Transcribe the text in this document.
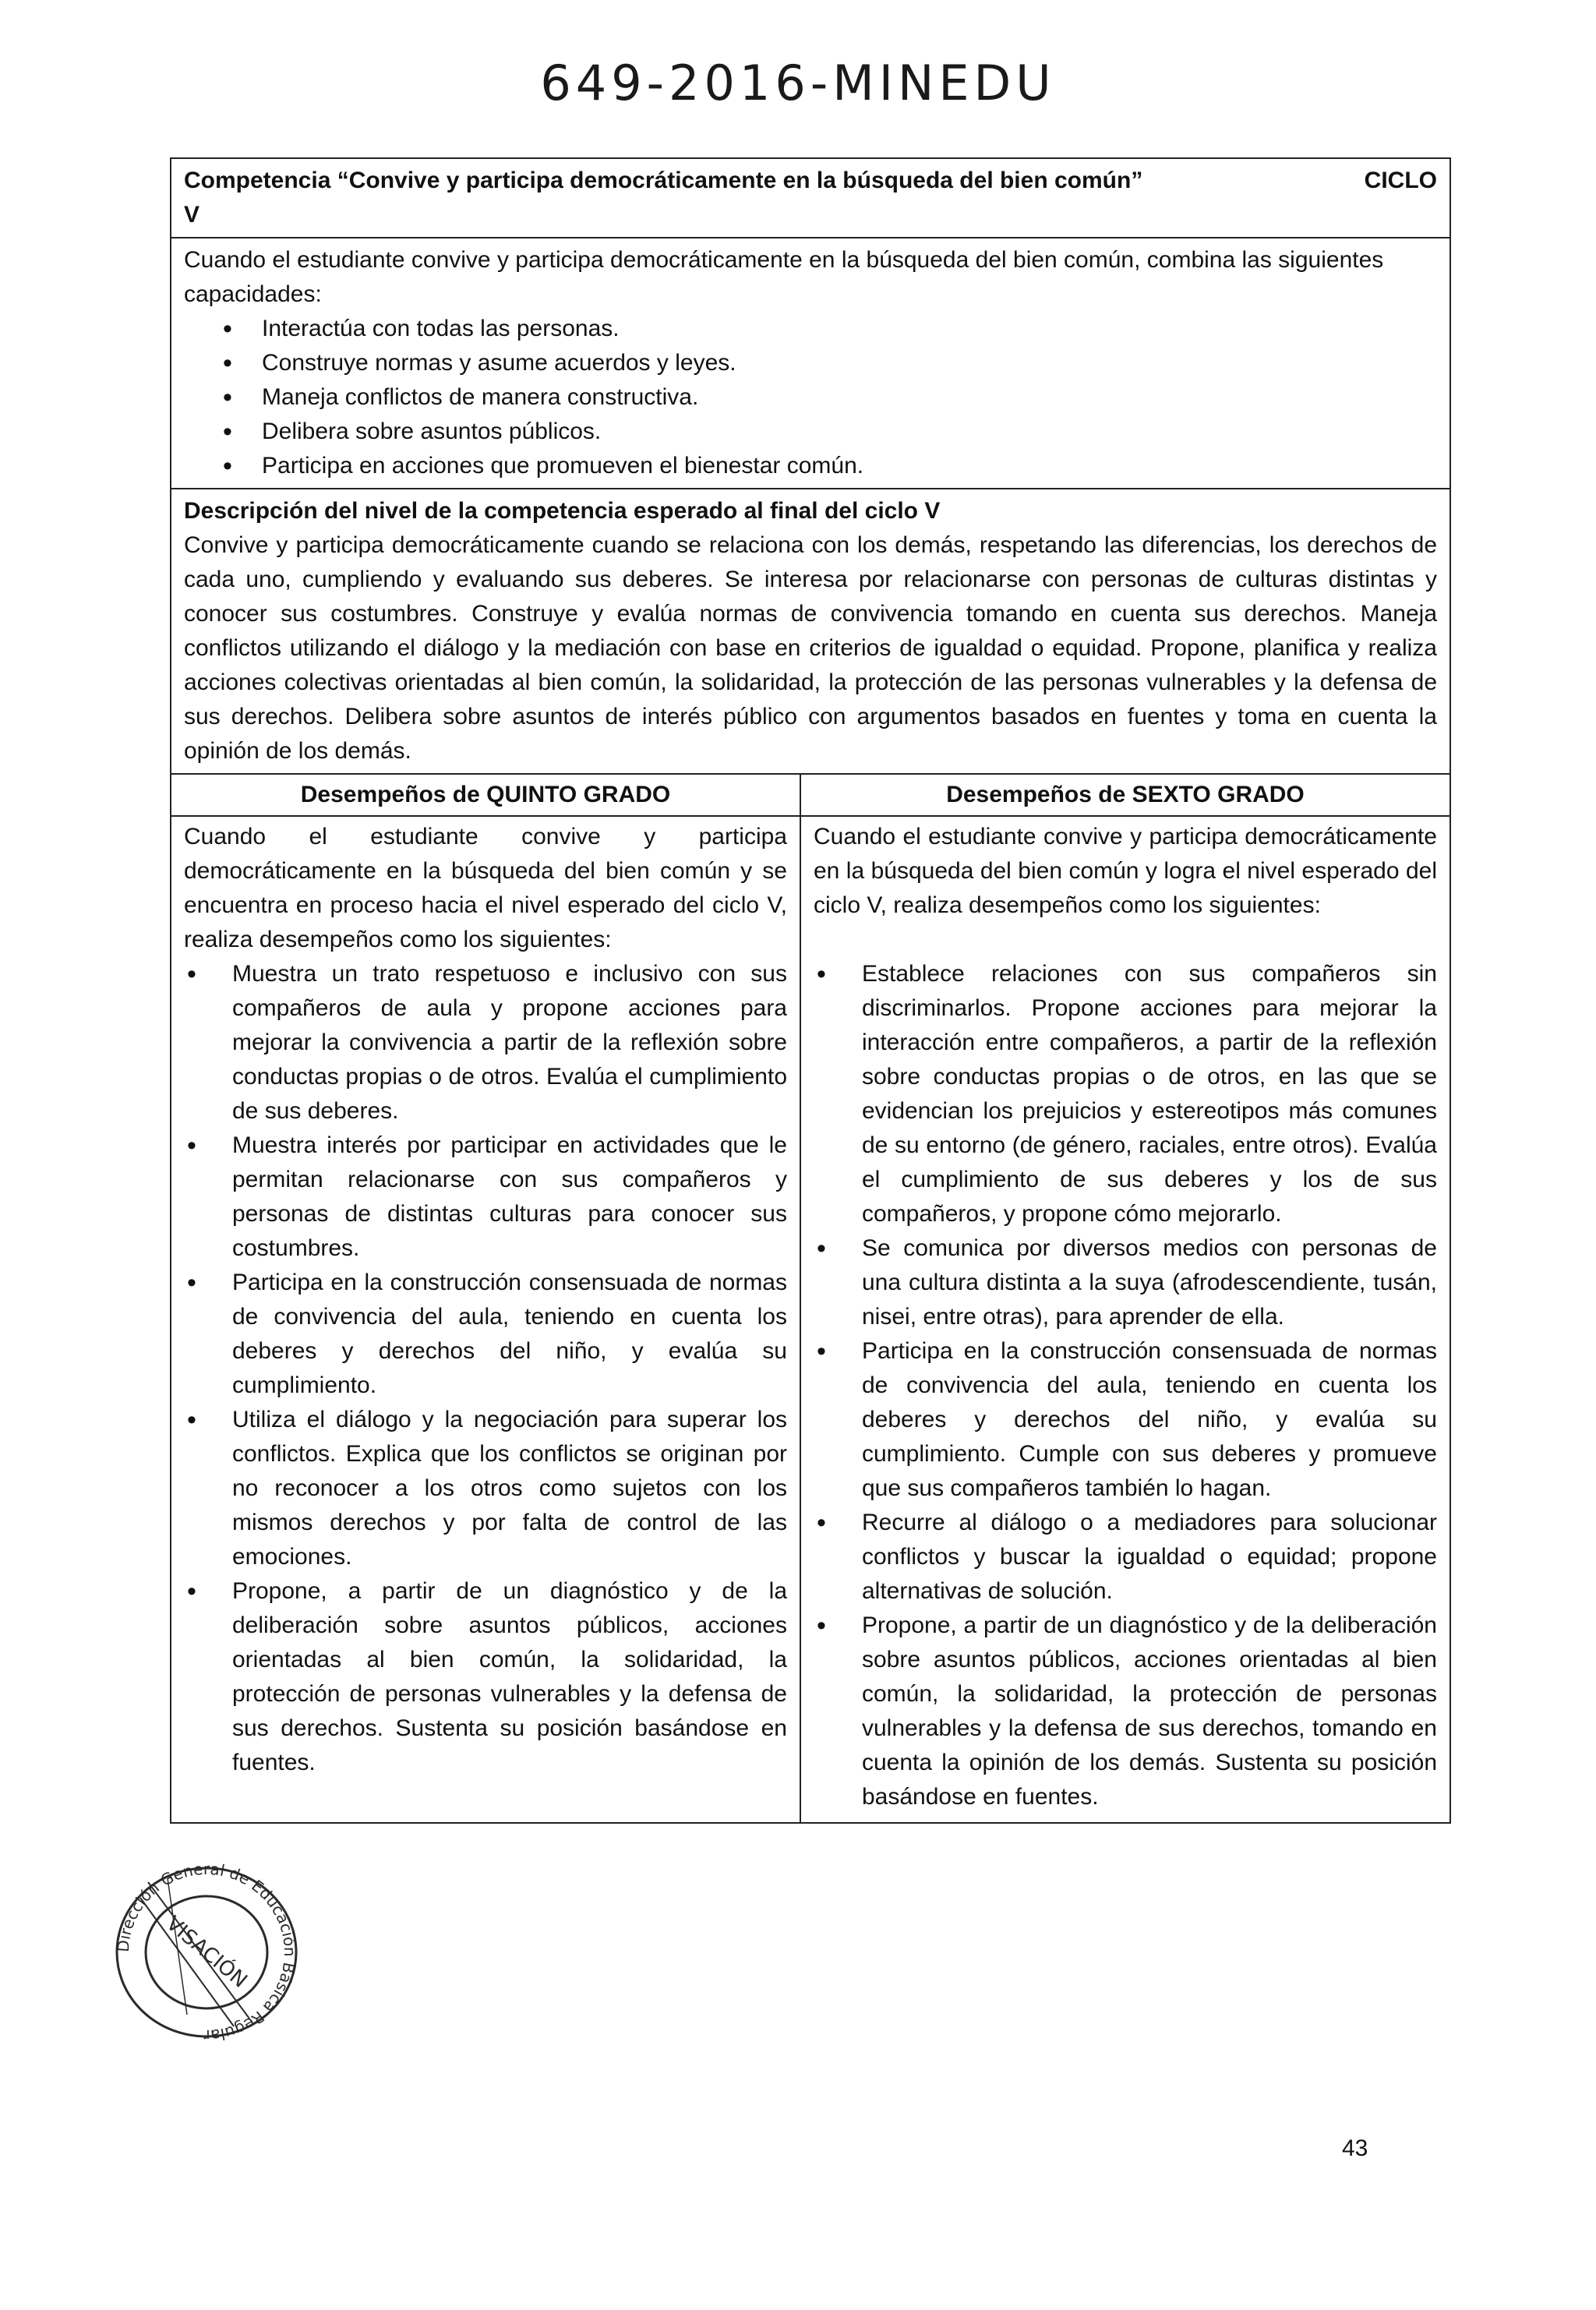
649-2016-MINEDU
Competencia “Convive y participa democráticamente en la búsqueda del bien común”	CICLO
V
Cuando el estudiante convive y participa democráticamente en la búsqueda del bien común, combina las siguientes capacidades:
• Interactúa con todas las personas.
• Construye normas y asume acuerdos y leyes.
• Maneja conflictos de manera constructiva.
• Delibera sobre asuntos públicos.
• Participa en acciones que promueven el bienestar común.
Descripción del nivel de la competencia esperado al final del ciclo V
Convive y participa democráticamente cuando se relaciona con los demás, respetando las diferencias, los derechos de cada uno, cumpliendo y evaluando sus deberes. Se interesa por relacionarse con personas de culturas distintas y conocer sus costumbres. Construye y evalúa normas de convivencia tomando en cuenta sus derechos. Maneja conflictos utilizando el diálogo y la mediación con base en criterios de igualdad o equidad. Propone, planifica y realiza acciones colectivas orientadas al bien común, la solidaridad, la protección de las personas vulnerables y la defensa de sus derechos. Delibera sobre asuntos de interés público con argumentos basados en fuentes y toma en cuenta la opinión de los demás.
Desempeños de QUINTO GRADO	Desempeños de SEXTO GRADO
Cuando el estudiante convive y participa democráticamente en la búsqueda del bien común y se encuentra en proceso hacia el nivel esperado del ciclo V, realiza desempeños como los siguientes:
• Muestra un trato respetuoso e inclusivo con sus compañeros de aula y propone acciones para mejorar la convivencia a partir de la reflexión sobre conductas propias o de otros. Evalúa el cumplimiento de sus deberes.
• Muestra interés por participar en actividades que le permitan relacionarse con sus compañeros y personas de distintas culturas para conocer sus costumbres.
• Participa en la construcción consensuada de normas de convivencia del aula, teniendo en cuenta los deberes y derechos del niño, y evalúa su cumplimiento.
• Utiliza el diálogo y la negociación para superar los conflictos. Explica que los conflictos se originan por no reconocer a los otros como sujetos con los mismos derechos y por falta de control de las emociones.
• Propone, a partir de un diagnóstico y de la deliberación sobre asuntos públicos, acciones orientadas al bien común, la solidaridad, la protección de personas vulnerables y la defensa de sus derechos. Sustenta su posición basándose en fuentes.
Cuando el estudiante convive y participa democráticamente en la búsqueda del bien común y logra el nivel esperado del ciclo V, realiza desempeños como los siguientes:
• Establece relaciones con sus compañeros sin discriminarlos. Propone acciones para mejorar la interacción entre compañeros, a partir de la reflexión sobre conductas propias o de otros, en las que se evidencian los prejuicios y estereotipos más comunes de su entorno (de género, raciales, entre otros). Evalúa el cumplimiento de sus deberes y los de sus compañeros, y propone cómo mejorarlo.
• Se comunica por diversos medios con personas de una cultura distinta a la suya (afrodescendiente, tusán, nisei, entre otras), para aprender de ella.
• Participa en la construcción consensuada de normas de convivencia del aula, teniendo en cuenta los deberes y derechos del niño, y evalúa su cumplimiento. Cumple con sus deberes y promueve que sus compañeros también lo hagan.
• Recurre al diálogo o a mediadores para solucionar conflictos y buscar la igualdad o equidad; propone alternativas de solución.
• Propone, a partir de un diagnóstico y de la deliberación sobre asuntos públicos, acciones orientadas al bien común, la solidaridad, la protección de personas vulnerables y la defensa de sus derechos, tomando en cuenta la opinión de los demás. Sustenta su posición basándose en fuentes.
Dirección General de Educación Básica Regular
VISACIÓN
43
